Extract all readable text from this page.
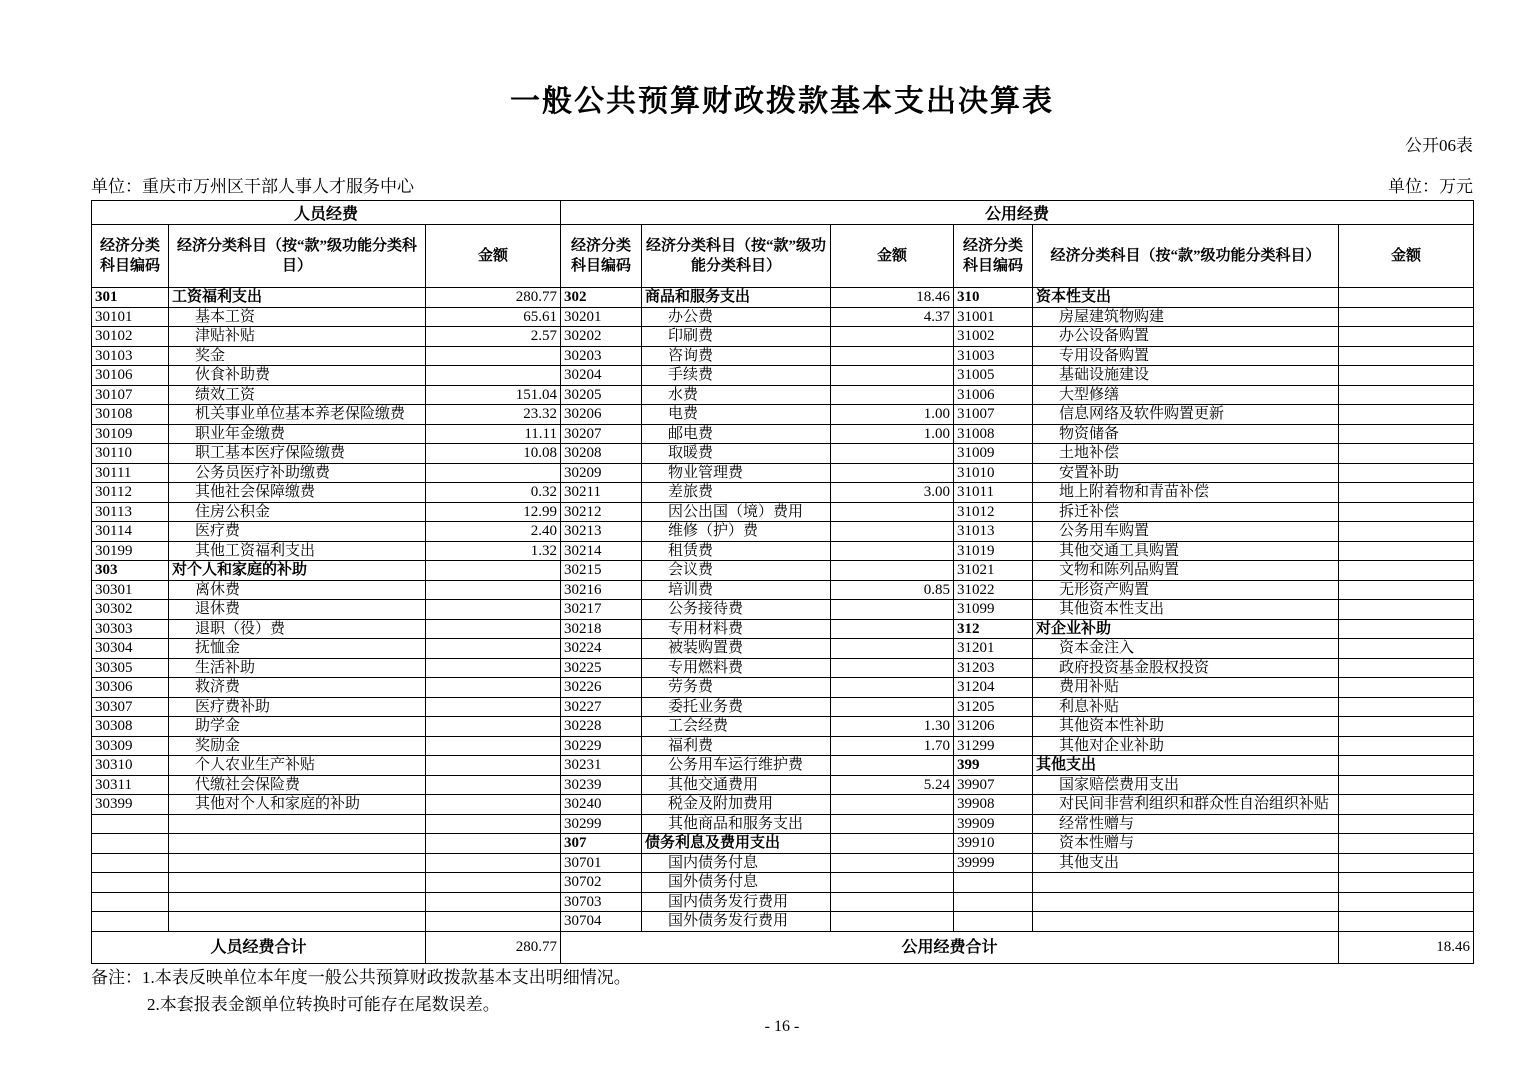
一般公共预算财政拨款基本支出决算表
公开06表
单位：重庆市万州区干部人事人才服务中心	单位：万元
人员经费			公用经费					
经济分类科目编码	经济分类科目（按“款”级功能分类科目）	金额	经济分类科目编码	经济分类科目（按“款”级功能分类科目）	金额	经济分类科目编码	经济分类科目（按“款”级功能分类科目）	金额
301	工资福利支出	280.77	302	商品和服务支出	18.46	310	资本性支出	
30101	基本工资	65.61	30201	办公费	4.37	31001	房屋建筑物购建	
30102	津贴补贴	2.57	30202	印刷费		31002	办公设备购置	
30103	奖金		30203	咨询费		31003	专用设备购置	
30106	伙食补助费		30204	手续费		31005	基础设施建设	
30107	绩效工资	151.04	30205	水费		31006	大型修缮	
30108	机关事业单位基本养老保险缴费	23.32	30206	电费	1.00	31007	信息网络及软件购置更新	
30109	职业年金缴费	11.11	30207	邮电费	1.00	31008	物资储备	
30110	职工基本医疗保险缴费	10.08	30208	取暖费		31009	土地补偿	
30111	公务员医疗补助缴费		30209	物业管理费		31010	安置补助	
30112	其他社会保障缴费	0.32	30211	差旅费	3.00	31011	地上附着物和青苗补偿	
30113	住房公积金	12.99	30212	因公出国（境）费用		31012	拆迁补偿	
30114	医疗费	2.40	30213	维修（护）费		31013	公务用车购置	
30199	其他工资福利支出	1.32	30214	租赁费		31019	其他交通工具购置	
303	对个人和家庭的补助		30215	会议费		31021	文物和陈列品购置	
30301	离休费		30216	培训费	0.85	31022	无形资产购置	
30302	退休费		30217	公务接待费		31099	其他资本性支出	
30303	退职（役）费		30218	专用材料费		312	对企业补助	
30304	抚恤金		30224	被装购置费		31201	资本金注入	
30305	生活补助		30225	专用燃料费		31203	政府投资基金股权投资	
30306	救济费		30226	劳务费		31204	费用补贴	
30307	医疗费补助		30227	委托业务费		31205	利息补贴	
30308	助学金		30228	工会经费	1.30	31206	其他资本性补助	
30309	奖励金		30229	福利费	1.70	31299	其他对企业补助	
30310	个人农业生产补贴		30231	公务用车运行维护费		399	其他支出	
30311	代缴社会保险费		30239	其他交通费用	5.24	39907	国家赔偿费用支出	
30399	其他对个人和家庭的补助		30240	税金及附加费用		39908	对民间非营利组织和群众性自治组织补贴	
			30299	其他商品和服务支出		39909	经常性赠与	
			307	债务利息及费用支出		39910	资本性赠与	
			30701	国内债务付息		39999	其他支出	
			30702	国外债务付息				
			30703	国内债务发行费用				
			30704	国外债务发行费用				
人员经费合计		280.77	公用经费合计					18.46
备注：1.本表反映单位本年度一般公共预算财政拨款基本支出明细情况。
2.本套报表金额单位转换时可能存在尾数误差。
- 16 -
